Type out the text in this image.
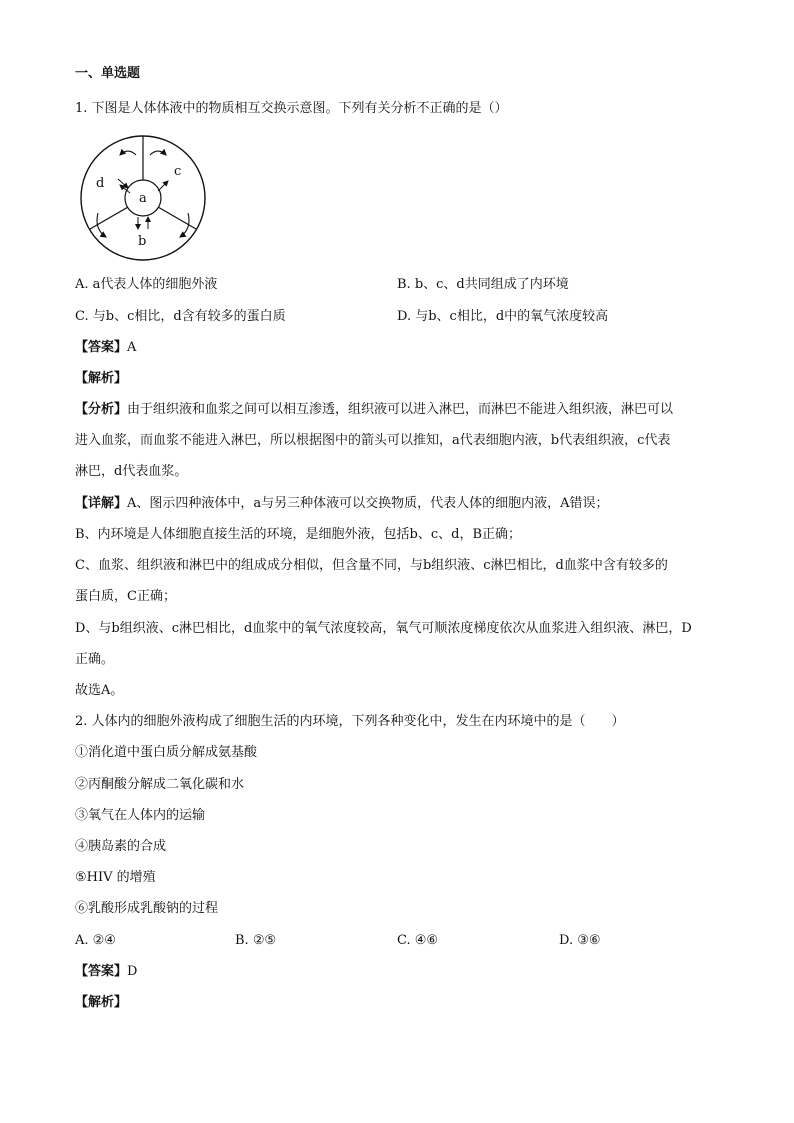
一、单选题
1. 下图是人体体液中的物质相互交换示意图。下列有关分析不正确的是（）
a
b
c
d
A. a代表人体的细胞外液	B. b、c、d共同组成了内环境
C. 与b、c相比，d含有较多的蛋白质	D. 与b、c相比，d中的氧气浓度较高
【答案】A
【解析】
【分析】由于组织液和血浆之间可以相互渗透，组织液可以进入淋巴，而淋巴不能进入组织液，淋巴可以
进入血浆，而血浆不能进入淋巴，所以根据图中的箭头可以推知，a代表细胞内液，b代表组织液，c代表
淋巴，d代表血浆。
【详解】A、图示四种液体中，a与另三种体液可以交换物质，代表人体的细胞内液，A错误；
B、内环境是人体细胞直接生活的环境，是细胞外液，包括b、c、d，B正确；
C、血浆、组织液和淋巴中的组成成分相似，但含量不同，与b组织液、c淋巴相比，d血浆中含有较多的
蛋白质，C正确；
D、与b组织液、c淋巴相比，d血浆中的氧气浓度较高，氧气可顺浓度梯度依次从血浆进入组织液、淋巴，D
正确。
故选A。
2. 人体内的细胞外液构成了细胞生活的内环境，下列各种变化中，发生在内环境中的是（　　）
①消化道中蛋白质分解成氨基酸
②丙酮酸分解成二氧化碳和水
③氧气在人体内的运输
④胰岛素的合成
⑤HIV 的增殖
⑥乳酸形成乳酸钠的过程
A. ②④	B. ②⑤	C. ④⑥	D. ③⑥
【答案】D
【解析】
